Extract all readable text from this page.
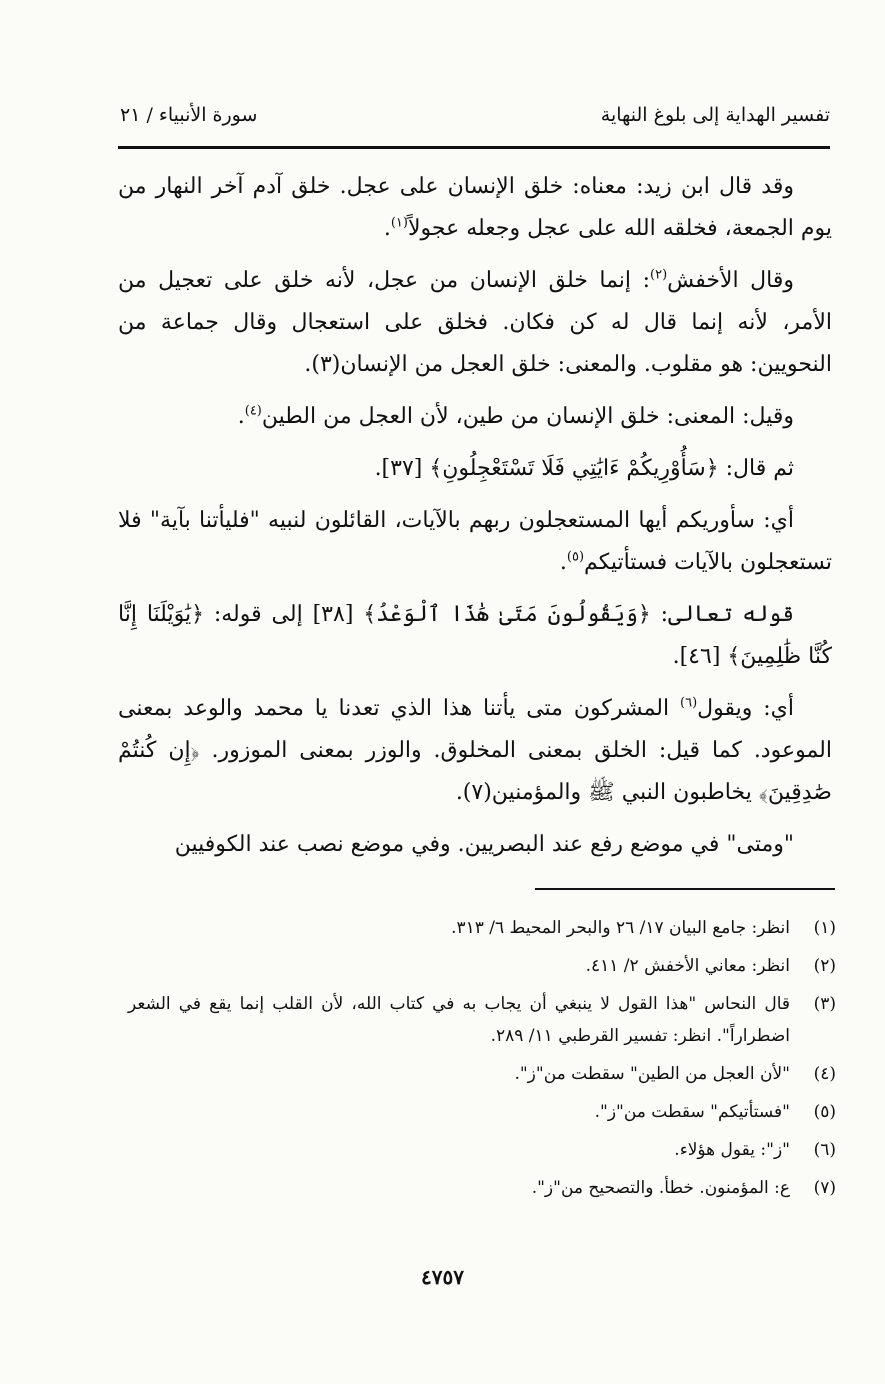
تفسير الهداية إلى بلوغ النهاية
سورة الأنبياء / ٢١

وقد قال ابن زيد: معناه: خلق الإنسان على عجل. خلق آدم آخر النهار من يوم الجمعة، فخلقه الله على عجل وجعله عجولاً$^{(١)}$.

وقال الأخفش$^{(٢)}$: إنما خلق الإنسان من عجل، لأنه خلق على تعجيل من الأمر، لأنه إنما قال له كن فكان. فخلق على استعجال وقال جماعة من النحويين: هو مقلوب. والمعنى: خلق العجل من الإنسان(٣).

وقيل: المعنى: خلق الإنسان من طين، لأن العجل من الطين$^{(٤)}$.

ثم قال: ﴿سَأُوْرِيكُمْ ءَايَٰتِي فَلَا تَسْتَعْجِلُونِ﴾ [٣٧].

أي: سأوريكم أيها المستعجلون ربهم بالآيات، القائلون لنبيه "فليأتنا بآية" فلا تستعجلون بالآيات فستأتيكم$^{(٥)}$.

قوله تعالى: ﴿وَيَقُولُونَ مَتَىٰ هَٰذَا ٱلْوَعْدُ﴾ [٣٨] إلى قوله: ﴿يَٰوَيْلَنَا إِنَّا كُنَّا ظَٰلِمِينَ﴾ [٤٦].

أي: ويقول$^{(٦)}$ المشركون متى يأتنا هذا الذي تعدنا يا محمد والوعد بمعنى الموعود. كما قيل: الخلق بمعنى المخلوق. والوزر بمعنى الموزور. ﴿إِن كُنتُمْ صَٰدِقِينَ﴾ يخاطبون النبي ﷺ والمؤمنين(٧).

"ومتى" في موضع رفع عند البصريين. وفي موضع نصب عند الكوفيين

(١)
انظر: جامع البيان ١٧/ ٢٦ والبحر المحيط ٦/ ٣١٣.
(٢)
انظر: معاني الأخفش ٢/ ٤١١.
(٣)
قال النحاس "هذا القول لا ينبغي أن يجاب به في كتاب الله، لأن القلب إنما يقع في الشعر اضطراراً". انظر: تفسير القرطبي ١١/ ٢٨٩.
(٤)
"لأن العجل من الطين" سقطت من"ز".
(٥)
"فستأتيكم" سقطت من"ز".
(٦)
"ز": يقول هؤلاء.
(٧)
ع: المؤمنون. خطأ. والتصحيح من"ز".
٤٧٥٧
